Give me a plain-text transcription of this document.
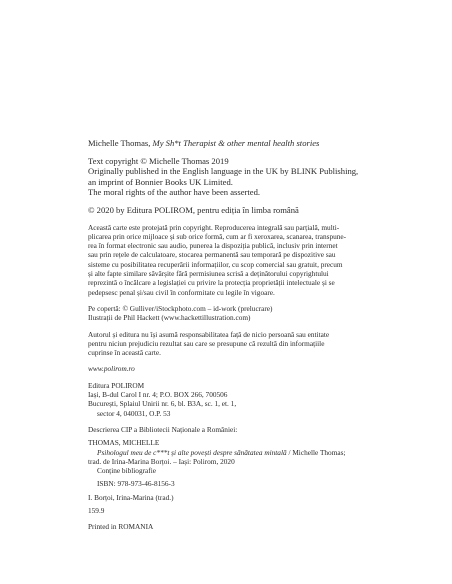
Michelle Thomas, My Sh*t Therapist & other mental health stories

Text copyright © Michelle Thomas 2019
Originally published in the English language in the UK by BLINK Publishing,
an imprint of Bonnier Books UK Limited.
The moral rights of the author have been asserted.

© 2020 by Editura POLIROM, pentru ediția în limba română

Această carte este protejată prin copyright. Reproducerea integrală sau parțială, multi-
plicarea prin orice mijloace și sub orice formă, cum ar fi xeroxarea, scanarea, transpune-
rea în format electronic sau audio, punerea la dispoziția publică, inclusiv prin internet
sau prin rețele de calculatoare, stocarea permanentă sau temporară pe dispozitive sau
sisteme cu posibilitatea recuperării informațiilor, cu scop comercial sau gratuit, precum
și alte fapte similare săvârșite fără permisiunea scrisă a deținătorului copyrightului
reprezintă o încălcare a legislației cu privire la protecția proprietății intelectuale și se
pedepsesc penal și/sau civil în conformitate cu legile în vigoare.

Pe copertă: © Gulliver/iStockphoto.com – id-work (prelucrare)
Ilustrații de Phil Hackett (www.hackettillustration.com)

Autorul și editura nu își asumă responsabilitatea față de nicio persoană sau entitate
pentru niciun prejudiciu rezultat sau care se presupune că rezultă din informațiile
cuprinse în această carte.

www.polirom.ro

Editura POLIROM
Iași, B-dul Carol I nr. 4; P.O. BOX 266, 700506
București, Splaiul Unirii nr. 6, bl. B3A, sc. 1, et. 1,
sector 4, 040031, O.P. 53

Descrierea CIP a Bibliotecii Naționale a României:
THOMAS, MICHELLE
Psihologul meu de c***t și alte povești despre sănătatea mintală / Michelle Thomas;
trad. de Irina-Marina Borțoi. – Iași: Polirom, 2020
Conține bibliografie
ISBN: 978-973-46-8156-3
I. Borțoi, Irina-Marina (trad.)
159.9

Printed in ROMANIA
